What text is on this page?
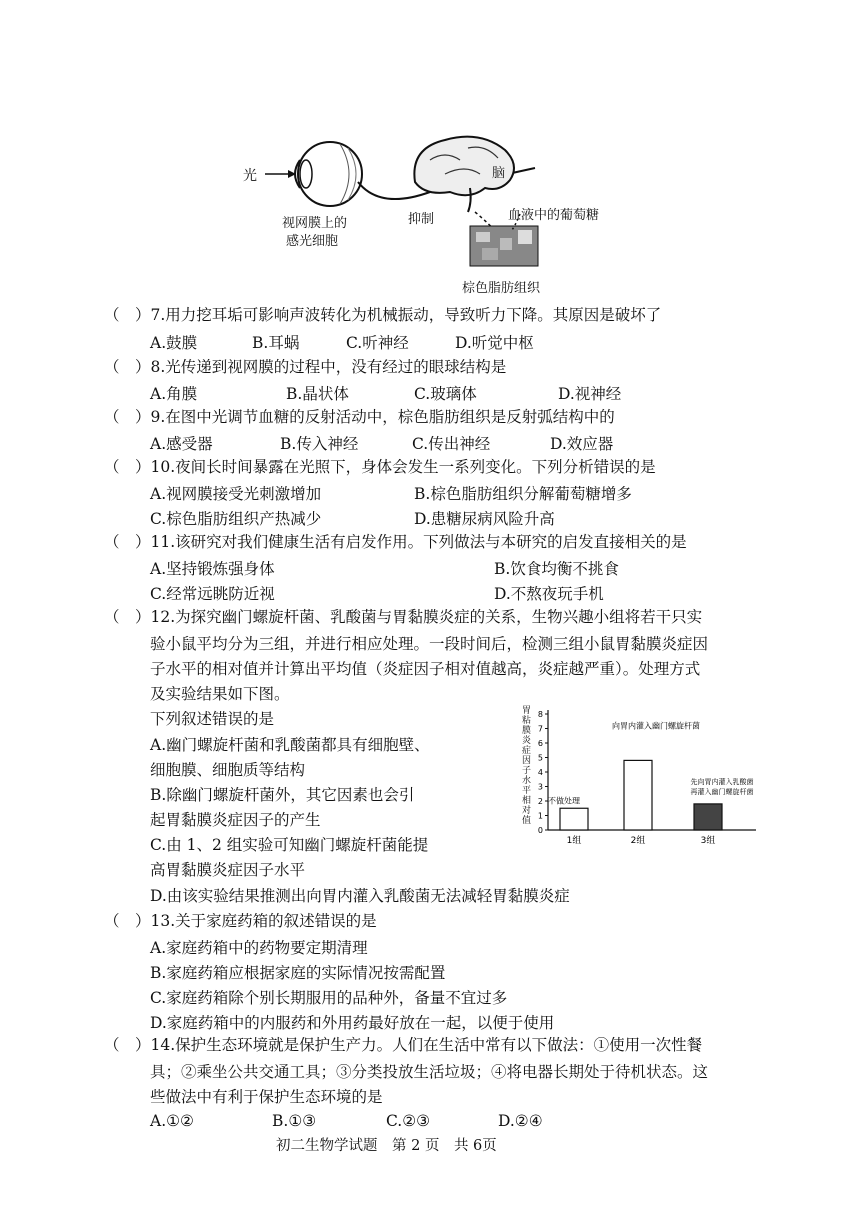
光
视网膜上的
感光细胞
脑
抑制	血液中的葡萄糖
棕色脂肪组织
（　）7.用力挖耳垢可影响声波转化为机械振动，导致听力下降。其原因是破坏了
A.鼓膜	B.耳蜗	C.听神经	D.听觉中枢
（　）8.光传递到视网膜的过程中，没有经过的眼球结构是
A.角膜	B.晶状体	C.玻璃体	D.视神经
（　）9.在图中光调节血糖的反射活动中，棕色脂肪组织是反射弧结构中的
A.感受器	B.传入神经	C.传出神经	D.效应器
（　）10.夜间长时间暴露在光照下，身体会发生一系列变化。下列分析错误的是
A.视网膜接受光刺激增加	B.棕色脂肪组织分解葡萄糖增多
C.棕色脂肪组织产热减少	D.患糖尿病风险升高
（　）11.该研究对我们健康生活有启发作用。下列做法与本研究的启发直接相关的是
A.坚持锻炼强身体	B.饮食均衡不挑食
C.经常远眺防近视	D.不熬夜玩手机
（　）12.为探究幽门螺旋杆菌、乳酸菌与胃黏膜炎症的关系，生物兴趣小组将若干只实
验小鼠平均分为三组，并进行相应处理。一段时间后，检测三组小鼠胃黏膜炎症因
子水平的相对值并计算出平均值（炎症因子相对值越高，炎症越严重）。处理方式
及实验结果如下图。
下列叙述错误的是
A.幽门螺旋杆菌和乳酸菌都具有细胞壁、
细胞膜、细胞质等结构
B.除幽门螺旋杆菌外，其它因素也会引
起胃黏膜炎症因子的产生
C.由 1、2 组实验可知幽门螺旋杆菌能提
高胃黏膜炎症因子水平
D.由该实验结果推测出向胃内灌入乳酸菌无法减轻胃黏膜炎症
胃粘膜炎症因子水平相对值
0
1
2
3
4
5
6
7
8
1组	2组	3组
不做处理
向胃内灌入幽门螺旋杆菌
先向胃内灌入乳酸菌
再灌入幽门螺旋杆菌
（　）13.关于家庭药箱的叙述错误的是
A.家庭药箱中的药物要定期清理
B.家庭药箱应根据家庭的实际情况按需配置
C.家庭药箱除个别长期服用的品种外，备量不宜过多
D.家庭药箱中的内服药和外用药最好放在一起，以便于使用
（　）14.保护生态环境就是保护生产力。人们在生活中常有以下做法：①使用一次性餐
具；②乘坐公共交通工具；③分类投放生活垃圾；④将电器长期处于待机状态。这
些做法中有利于保护生态环境的是
A.①②	B.①③	C.②③	D.②④
初二生物学试题　第 2 页　共 6页
